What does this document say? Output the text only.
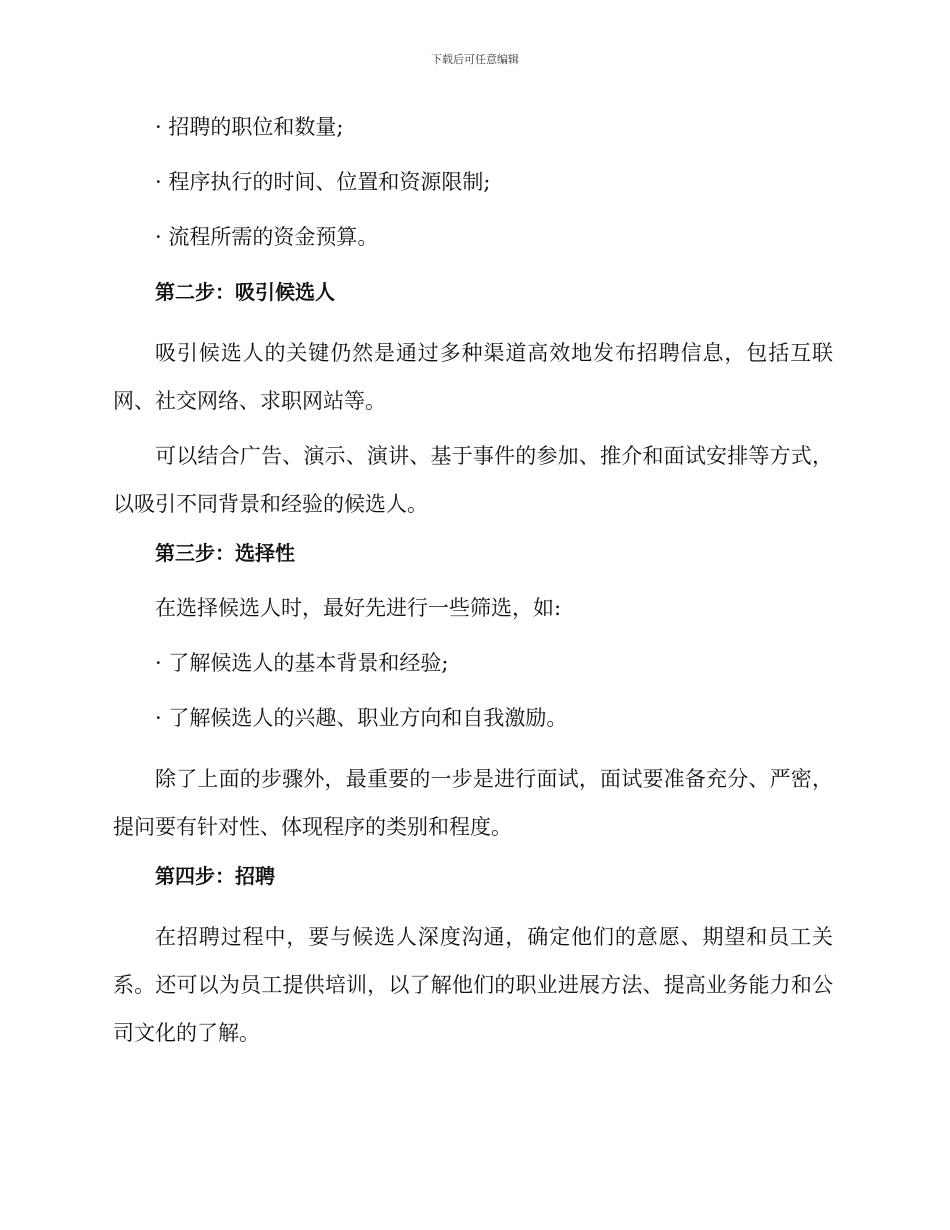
下载后可任意编辑

· 招聘的职位和数量;

· 程序执行的时间、位置和资源限制;

· 流程所需的资金预算。

第二步：吸引候选人

吸引候选人的关键仍然是通过多种渠道高效地发布招聘信息，包括互联网、社交网络、求职网站等。

可以结合广告、演示、演讲、基于事件的参加、推介和面试安排等方式，以吸引不同背景和经验的候选人。

第三步：选择性

在选择候选人时，最好先进行一些筛选，如:

· 了解候选人的基本背景和经验;

· 了解候选人的兴趣、职业方向和自我激励。

除了上面的步骤外，最重要的一步是进行面试，面试要准备充分、严密，提问要有针对性、体现程序的类别和程度。

第四步：招聘

在招聘过程中，要与候选人深度沟通，确定他们的意愿、期望和员工关系。还可以为员工提供培训，以了解他们的职业进展方法、提高业务能力和公司文化的了解。
